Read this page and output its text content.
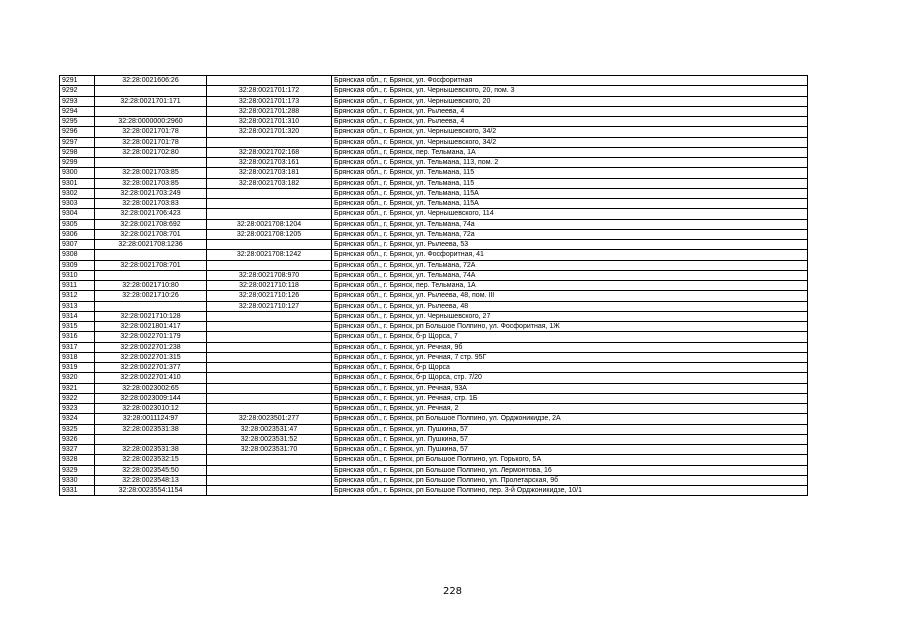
9291	32:28:0021606:26		Брянская обл., г. Брянск, ул. Фосфоритная
9292		32:28:0021701:172	Брянская обл., г. Брянск, ул. Чернышевского, 20, пом. 3
9293	32:28:0021701:171	32:28:0021701:173	Брянская обл., г. Брянск, ул. Чернышевского, 20
9294		32:28:0021701:288	Брянская обл., г. Брянск, ул. Рылеева, 4
9295	32:28:0000000:2960	32:28:0021701:310	Брянская обл., г. Брянск, ул. Рылеева, 4
9296	32:28:0021701:78	32:28:0021701:320	Брянская обл., г. Брянск, ул. Чернышевского, 34/2
9297	32:28:0021701:78		Брянская обл., г. Брянск, ул. Чернышевского, 34/2
9298	32:28:0021702:80	32:28:0021702:168	Брянская обл., г. Брянск, пер. Тельмана, 1А
9299		32:28:0021703:161	Брянская обл., г. Брянск, ул. Тельмана, 113, пом. 2
9300	32:28:0021703:85	32:28:0021703:181	Брянская обл., г. Брянск, ул. Тельмана, 115
9301	32:28:0021703:85	32:28:0021703:182	Брянская обл., г. Брянск, ул. Тельмана, 115
9302	32:28:0021703:249		Брянская обл., г. Брянск, ул. Тельмана, 115А
9303	32:28:0021703:83		Брянская обл., г. Брянск, ул. Тельмана, 115А
9304	32:28:0021706:423		Брянская обл., г. Брянск, ул. Чернышевского, 114
9305	32:28:0021708:692	32:28:0021708:1204	Брянская обл., г. Брянск, ул. Тельмана, 74а
9306	32:28:0021708:701	32:28:0021708:1205	Брянская обл., г. Брянск, ул. Тельмана, 72а
9307	32:28:0021708:1236		Брянская обл., г. Брянск, ул. Рылеева, 53
9308		32:28:0021708:1242	Брянская обл., г. Брянск, ул. Фосфоритная, 41
9309	32:28:0021708:701		Брянская обл., г. Брянск, ул. Тельмана, 72А
9310		32:28:0021708:970	Брянская обл., г. Брянск, ул. Тельмана, 74А
9311	32:28:0021710:80	32:28:0021710:118	Брянская обл., г. Брянск, пер. Тельмана, 1А
9312	32:28:0021710:26	32:28:0021710:126	Брянская обл., г. Брянск, ул. Рылеева, 48, пом. III
9313		32:28:0021710:127	Брянская обл., г. Брянск, ул. Рылеева, 48
9314	32:28:0021710:128		Брянская обл., г. Брянск, ул. Чернышевского, 27
9315	32:28:0021801:417		Брянская обл., г. Брянск, рп Большое Полпино, ул. Фосфоритная, 1Ж
9316	32:28:0022701:179		Брянская обл., г. Брянск, б-р Щорса, 7
9317	32:28:0022701:238		Брянская обл., г. Брянск, ул. Речная, 9б
9318	32:28:0022701:315		Брянская обл., г. Брянск, ул. Речная, 7 стр. 95Г
9319	32:28:0022701:377		Брянская обл., г. Брянск, б-р Щорса
9320	32:28:0022701:410		Брянская обл., г. Брянск, б-р Щорса, стр. 7/20
9321	32:28:0023002:65		Брянская обл., г. Брянск, ул. Речная, 93А
9322	32:28:0023009:144		Брянская обл., г. Брянск, ул. Речная, стр. 1Б
9323	32:28:0023010:12		Брянская обл., г. Брянск, ул. Речная, 2
9324	32:28:0011124:97	32:28:0023501:277	Брянская обл., г. Брянск, рп Большое Полпино, ул. Орджоникидзе, 2А
9325	32:28:0023531:38	32:28:0023531:47	Брянская обл., г. Брянск, ул. Пушкина, 57
9326		32:28:0023531:52	Брянская обл., г. Брянск, ул. Пушкина, 57
9327	32:28:0023531:38	32:28:0023531:70	Брянская обл., г. Брянск, ул. Пушкина, 57
9328	32:28:0023532:15		Брянская обл., г. Брянск, рп Большое Полпино, ул. Горького, 5А
9329	32:28:0023545:50		Брянская обл., г. Брянск, рп Большое Полпино, ул. Лермонтова, 16
9330	32:28:0023548:13		Брянская обл., г. Брянск, рп Большое Полпино, ул. Пролетарская, 9б
9331	32:28:0023554:1154		Брянская обл., г. Брянск, рп Большое Полпино, пер. 3-й Орджоникидзе, 10/1
228
